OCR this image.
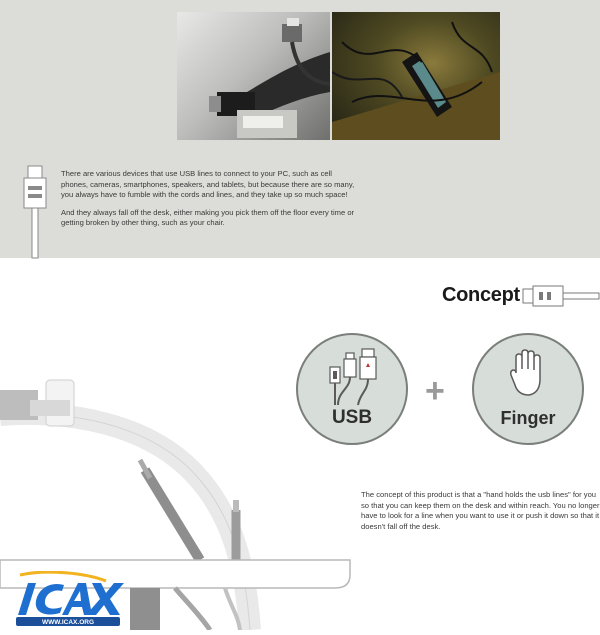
There are various devices that use USB lines to connect to your PC, such as cell phones, cameras, smartphones, speakers, and tablets, but because there are so many, you always have to fumble with the cords and lines, and they take up so much space!

And they always fall off the desk, either making you pick them off the floor every time or getting broken by other thing, such as your chair.

Concept
USB
+
Finger
The concept of this product is that a "hand holds the usb lines" for you so that you can keep them on the desk and within reach. You no longer have to look for a line when you want to use it or push it down so that it doesn't fall off the desk.
WWW.ICAX.ORG
